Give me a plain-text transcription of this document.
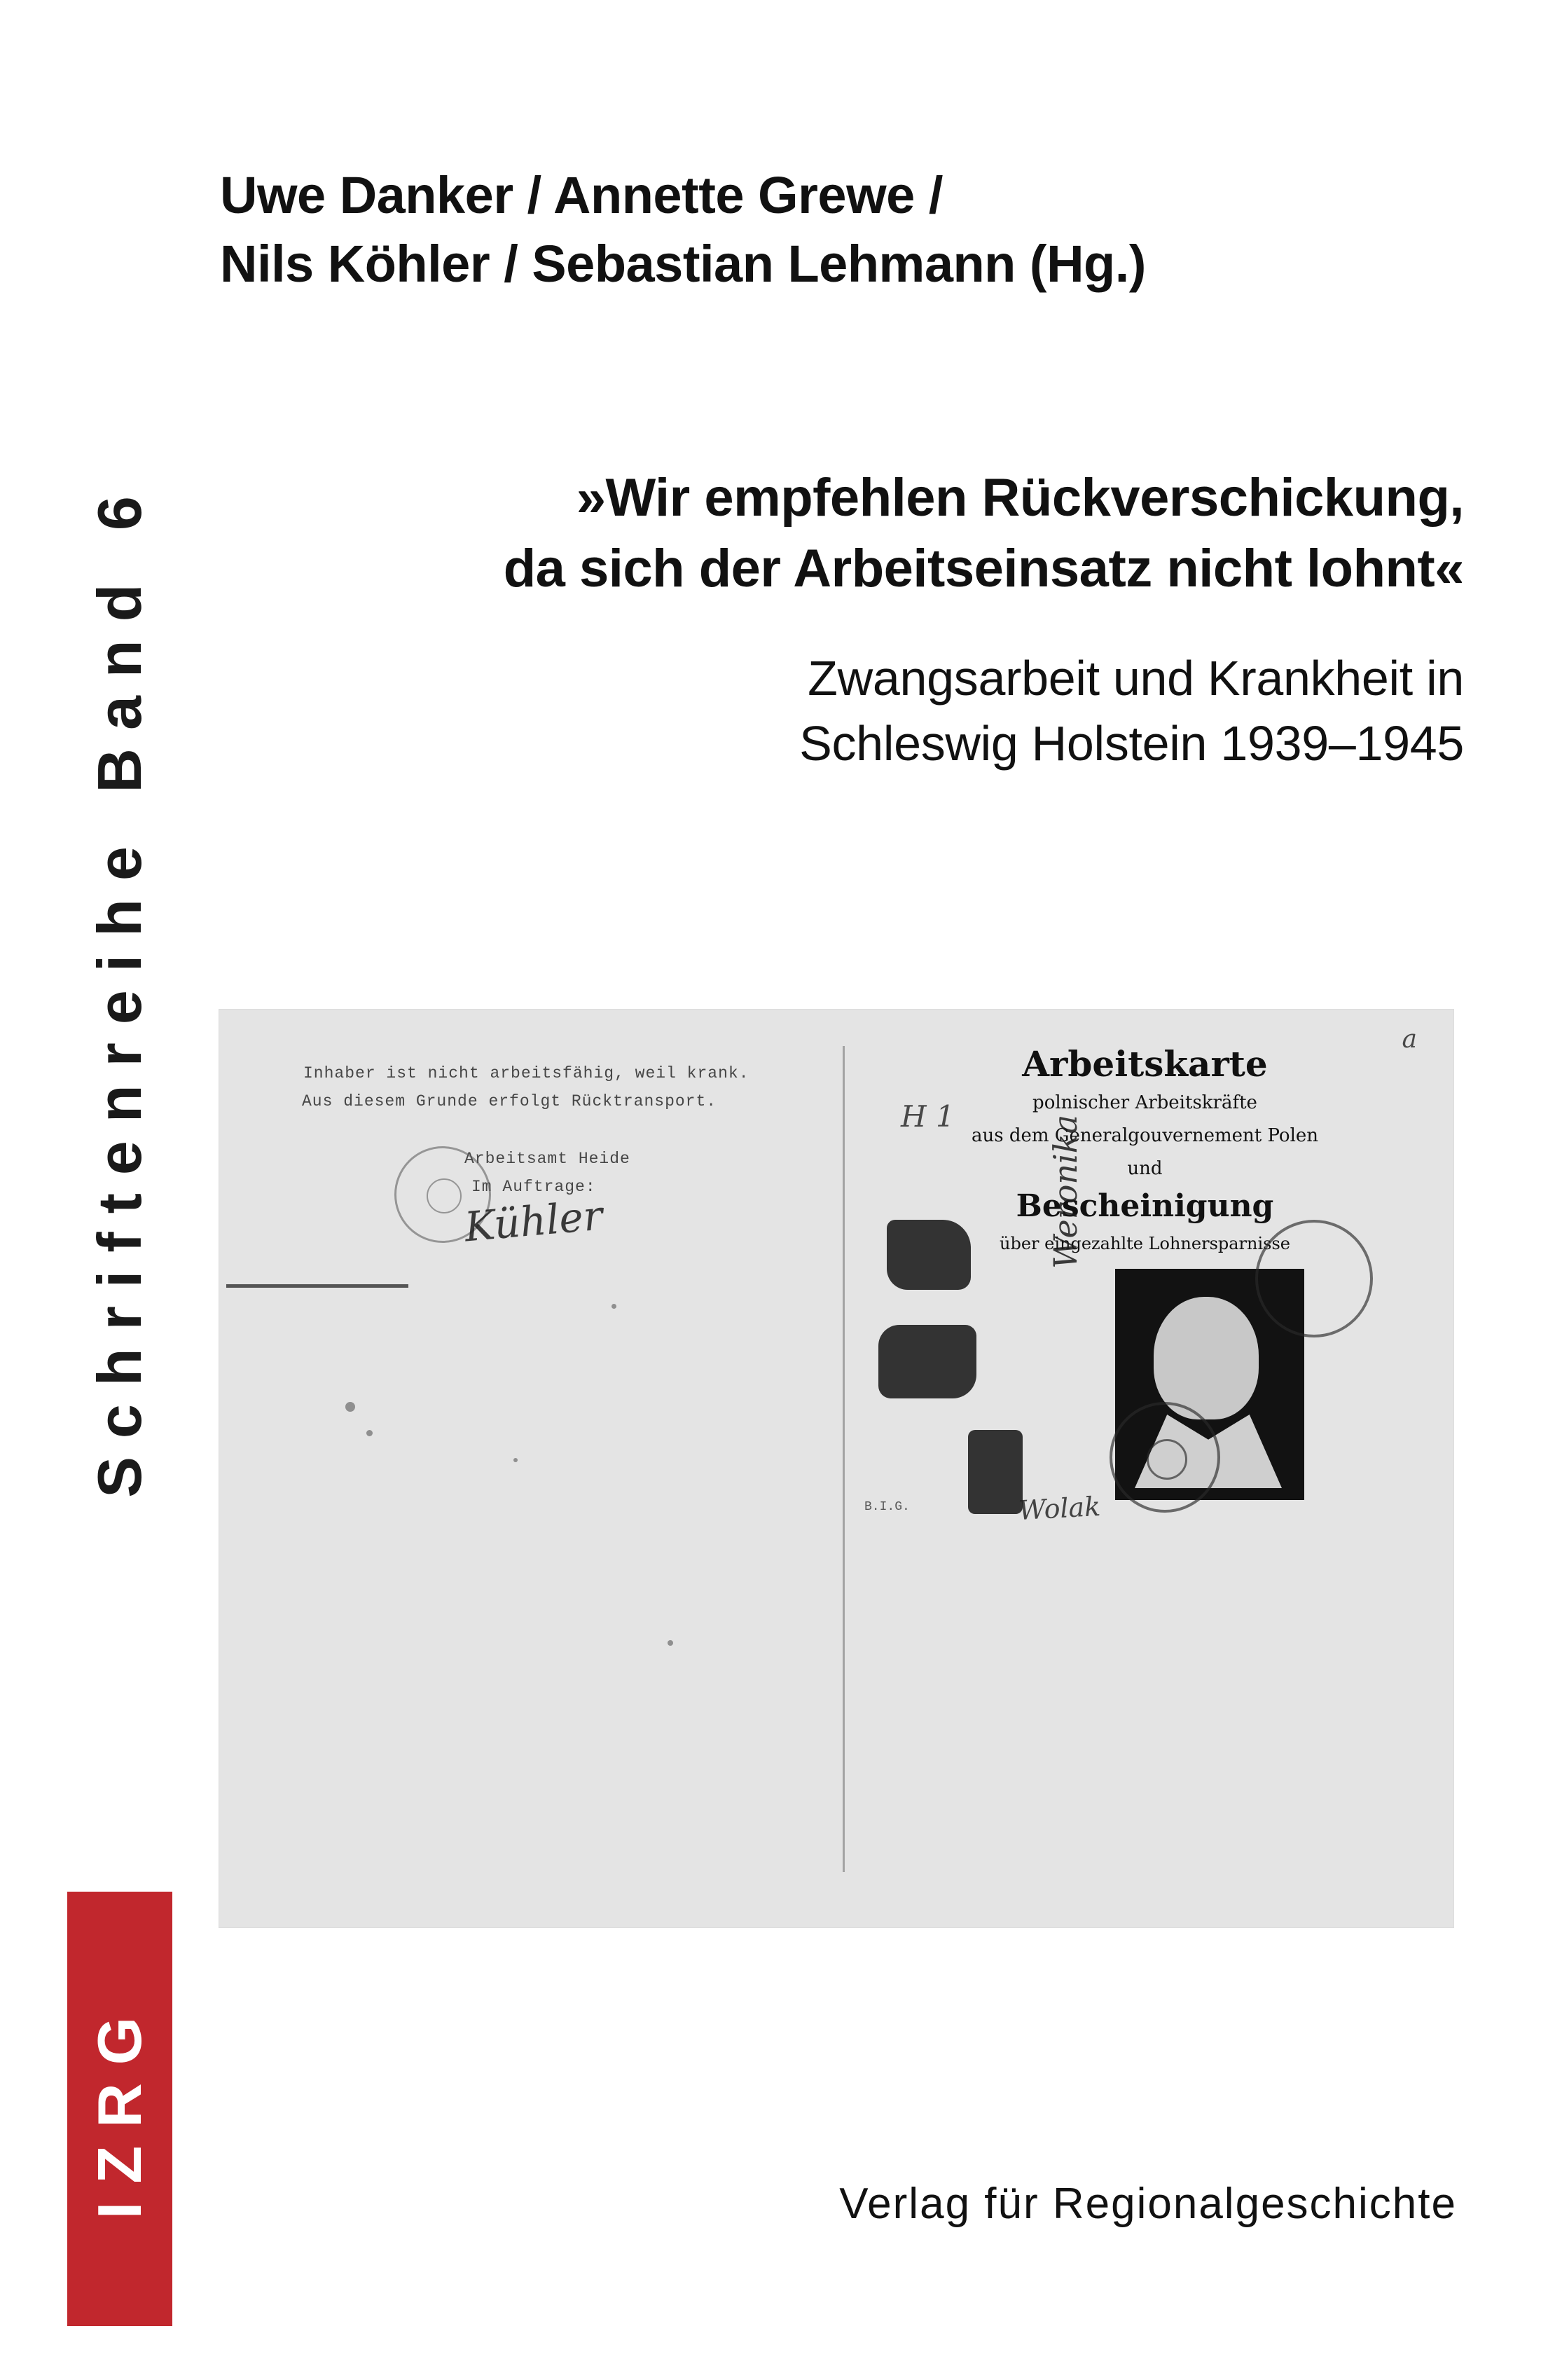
Schriftenreihe Band 6
IZRG
Uwe Danker / Annette Grewe /
Nils Köhler / Sebastian Lehmann (Hg.)
»Wir empfehlen Rückverschickung,
da sich der Arbeitseinsatz nicht lohnt«
Zwangsarbeit und Krankheit in
Schleswig Holstein 1939–1945
Inhaber ist nicht arbeitsfähig, weil krank.
Aus diesem Grunde erfolgt Rücktransport.
Arbeitsamt Heide
Im Auftrage:
Kühler
a
Arbeitskarte
polnischer Arbeitskräfte
aus dem Generalgouvernement Polen
und
Bescheinigung
über eingezahlte Lohnersparnisse
H 1	Weronika
Wolak
B.I.G.
Verlag für Regionalgeschichte
